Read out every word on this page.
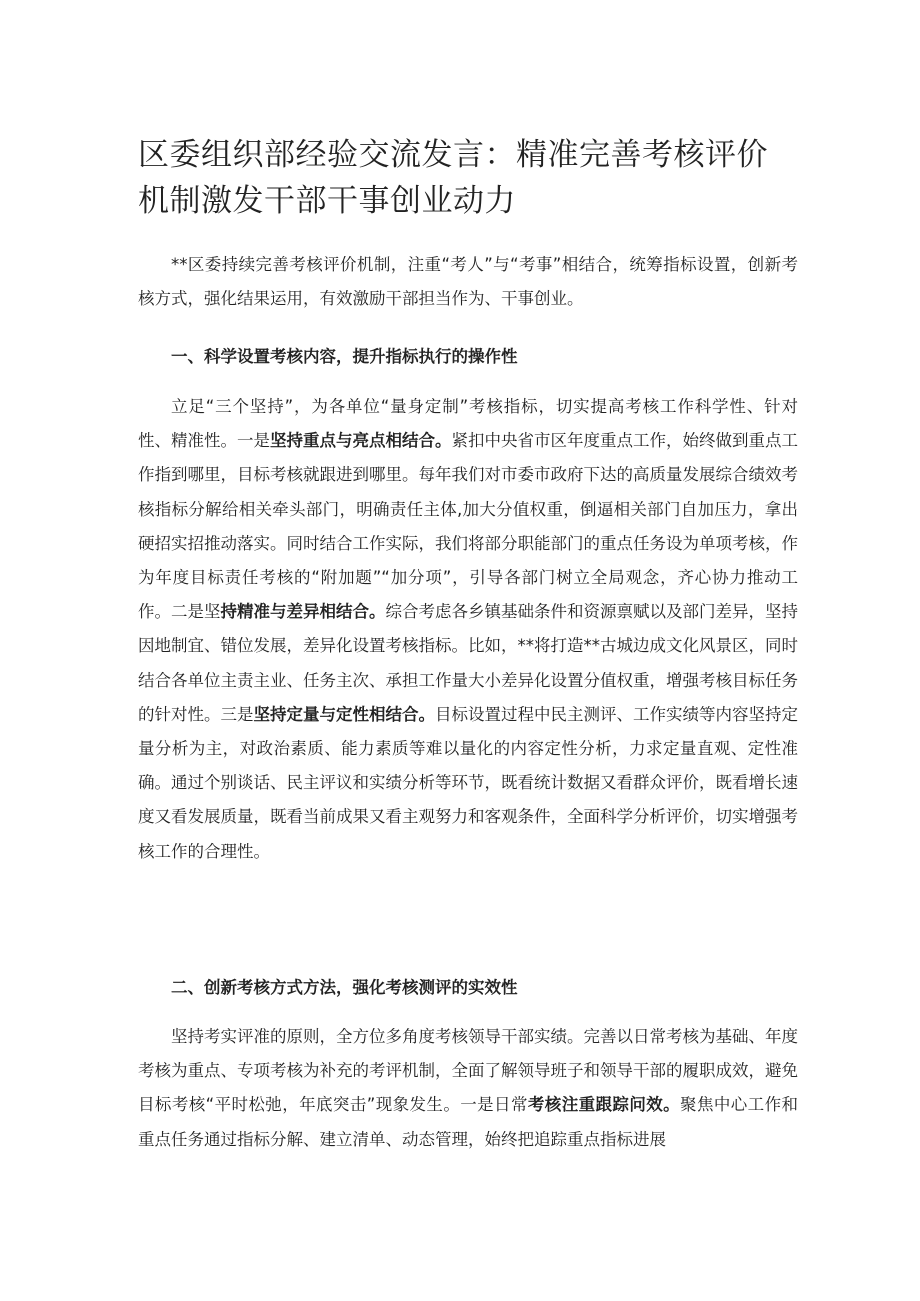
区委组织部经验交流发言：精准完善考核评价机制激发干部干事创业动力

**区委持续完善考核评价机制，注重“考人”与“考事”相结合，统筹指标设置，创新考核方式，强化结果运用，有效激励干部担当作为、干事创业。

一、科学设置考核内容，提升指标执行的操作性

立足“三个坚持”，为各单位“量身定制”考核指标，切实提高考核工作科学性、针对性、精准性。一是坚持重点与亮点相结合。紧扣中央省市区年度重点工作，始终做到重点工作指到哪里，目标考核就跟进到哪里。每年我们对市委市政府下达的高质量发展综合绩效考核指标分解给相关牵头部门，明确责任主体,加大分值权重，倒逼相关部门自加压力，拿出硬招实招推动落实。同时结合工作实际，我们将部分职能部门的重点任务设为单项考核，作为年度目标责任考核的“附加题”“加分项”，引导各部门树立全局观念，齐心协力推动工作。二是坚持精准与差异相结合。综合考虑各乡镇基础条件和资源禀赋以及部门差异，坚持因地制宜、错位发展，差异化设置考核指标。比如，**将打造**古城边成文化风景区，同时结合各单位主责主业、任务主次、承担工作量大小差异化设置分值权重，增强考核目标任务的针对性。三是坚持定量与定性相结合。目标设置过程中民主测评、工作实绩等内容坚持定量分析为主，对政治素质、能力素质等难以量化的内容定性分析，力求定量直观、定性准确。通过个别谈话、民主评议和实绩分析等环节，既看统计数据又看群众评价，既看增长速度又看发展质量，既看当前成果又看主观努力和客观条件，全面科学分析评价，切实增强考核工作的合理性。

二、创新考核方式方法，强化考核测评的实效性

坚持考实评准的原则，全方位多角度考核领导干部实绩。完善以日常考核为基础、年度考核为重点、专项考核为补充的考评机制，全面了解领导班子和领导干部的履职成效，避免目标考核“平时松弛，年底突击”现象发生。一是日常考核注重跟踪问效。聚焦中心工作和重点任务通过指标分解、建立清单、动态管理，始终把追踪重点指标进展
